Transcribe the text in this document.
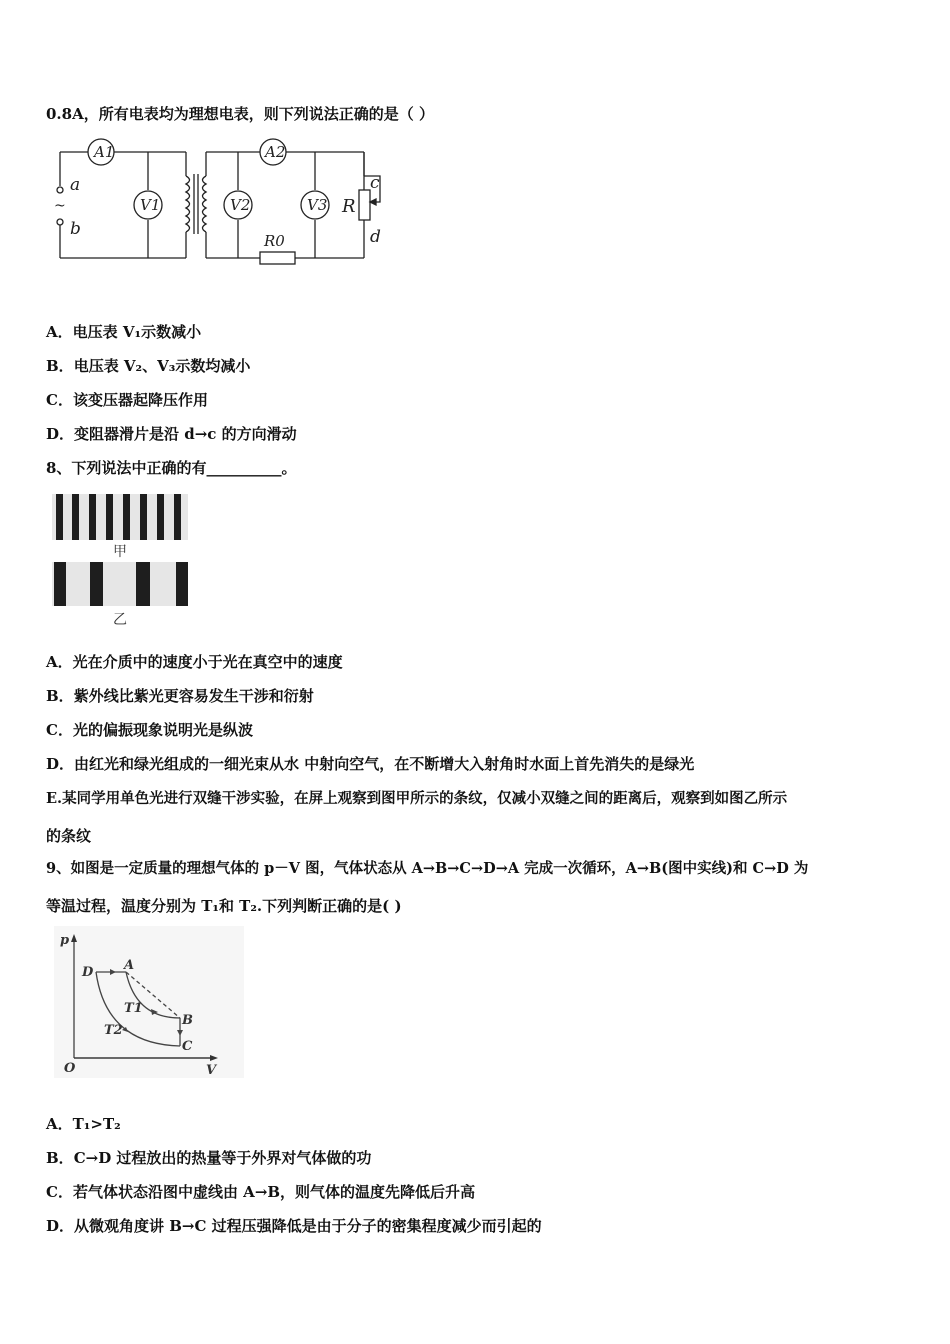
0.8A，所有电表均为理想电表，则下列说法正确的是（ ）
A1	A2
V1	V2	V3
a
b
~
c
d
R
R0
A．电压表 V₁示数减小
B．电压表 V₂、V₃示数均减小
C．该变压器起降压作用
D．变阻器滑片是沿 d→c 的方向滑动
8、下列说法中正确的有__________。
甲
乙
A．光在介质中的速度小于光在真空中的速度
B．紫外线比紫光更容易发生干涉和衍射
C．光的偏振现象说明光是纵波
D．由红光和绿光组成的一细光束从水 中射向空气，在不断增大入射角时水面上首先消失的是绿光
E.某同学用单色光进行双缝干涉实验，在屏上观察到图甲所示的条纹，仅减小双缝之间的距离后，观察到如图乙所示
的条纹
9、如图是一定质量的理想气体的 p－V 图，气体状态从 A→B→C→D→A 完成一次循环，A→B(图中实线)和 C→D 为
等温过程，温度分别为 T₁和 T₂.下列判断正确的是( )
p
V
O
A
B
C
D
T1
T2
A．T₁>T₂
B．C→D 过程放出的热量等于外界对气体做的功
C．若气体状态沿图中虚线由 A→B，则气体的温度先降低后升高
D．从微观角度讲 B→C 过程压强降低是由于分子的密集程度减少而引起的
